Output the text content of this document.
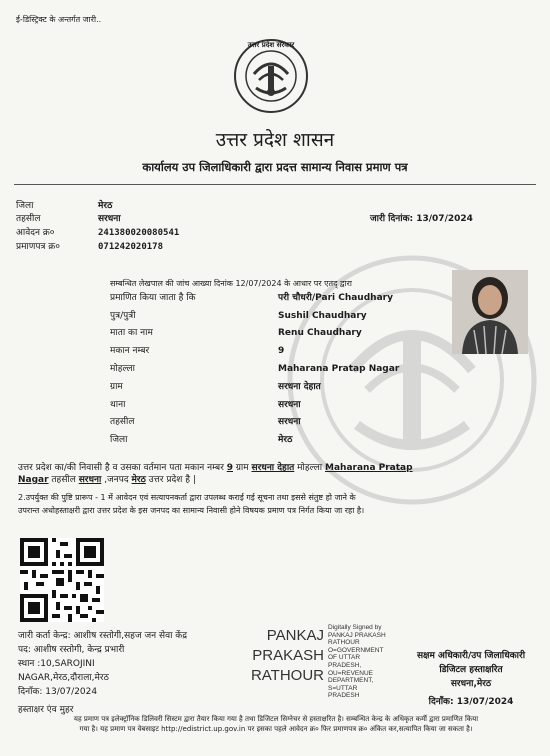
ई-डिस्ट्रिक्ट के अन्तर्गत जारी..
उत्तर प्रदेश सरकार
उत्तर प्रदेश शासन
कार्यालय उप जिलाधिकारी द्वारा प्रदत्त सामान्य निवास प्रमाण पत्र
जिला	मेरठ
तहसील	सरधना
आवेदन क्र०	241380020080541
प्रमाणपत्र क्र०	071242020178
जारी दिनांक: 13/07/2024
सम्बन्धित लेखपाल की जांच आख्या दिनांक 12/07/2024 के आधार पर एतद् द्वारा
प्रमाणित किया जाता है कि	परी चौधरी/Pari Chaudhary
पुत्र/पुत्री	Sushil Chaudhary
माता का नाम	Renu Chaudhary
मकान नम्बर	9
मोहल्ला	Maharana Pratap Nagar
ग्राम	सरधना देहात
थाना	सरधना
तहसील	सरधना
जिला	मेरठ
उत्तर प्रदेश का/की निवासी है व उसका वर्तमान पता मकान नम्बर 9 ग्राम सरधना देहात मोहल्ला Maharana Pratap
Nagar तहसील सरधना ,जनपद मेरठ उत्तर प्रदेश है |
2.उपर्युक्त की पुष्टि प्रारूप - 1 में आवेदन एवं सत्यापनकर्ता द्वारा उपलब्ध कराई गई सूचना तथा इससे संतुष्ट हो जाने के
उपरान्त अधोहस्ताक्षरी द्वारा उत्तर प्रदेश के इस जनपद का सामान्य निवासी होने विषयक प्रमाण पत्र निर्गत किया जा रहा है।
जारी कर्ता केन्द्र: आशीष रस्तोगी,सहज जन सेवा केंद्र
पद: आशीष रस्तोगी, केन्द्र प्रभारी
स्थान :10,SAROJINI
NAGAR,मेरठ,दौराला,मेरठ
दिनाँक: 13/07/2024
हस्ताक्षर एंव मुहर
PANKAJ
PRAKASH
RATHOUR
Digitally Signed by
PANKAJ PRAKASH
RATHOUR
O=GOVERNMENT
OF UTTAR
PRADESH,
OU=REVENUE
DEPARTMENT,
S=UTTAR
PRADESH
सक्षम अधिकारी/उप जिलाधिकारी
डिजिटल हस्ताक्षरित
सरधना,मेरठ
दिनाँक: 13/07/2024
यह प्रमाण पत्र इलेक्ट्रॉनिक डिलिवरी सिस्टम द्वारा तैयार किया गया है तथा डिजिटल सिग्नेचर से हस्ताक्षरित है। सम्बन्धित केन्द्र के अधिकृत कर्मी द्वारा प्रमाणित किया
गया है। यह प्रमाण पत्र वेबसाइट http://edistrict.up.gov.in पर इसका पहले आवेदन क्र० फिर प्रमाणपत्र क्र० अंकित कर,सत्यापित किया जा सकता है।
